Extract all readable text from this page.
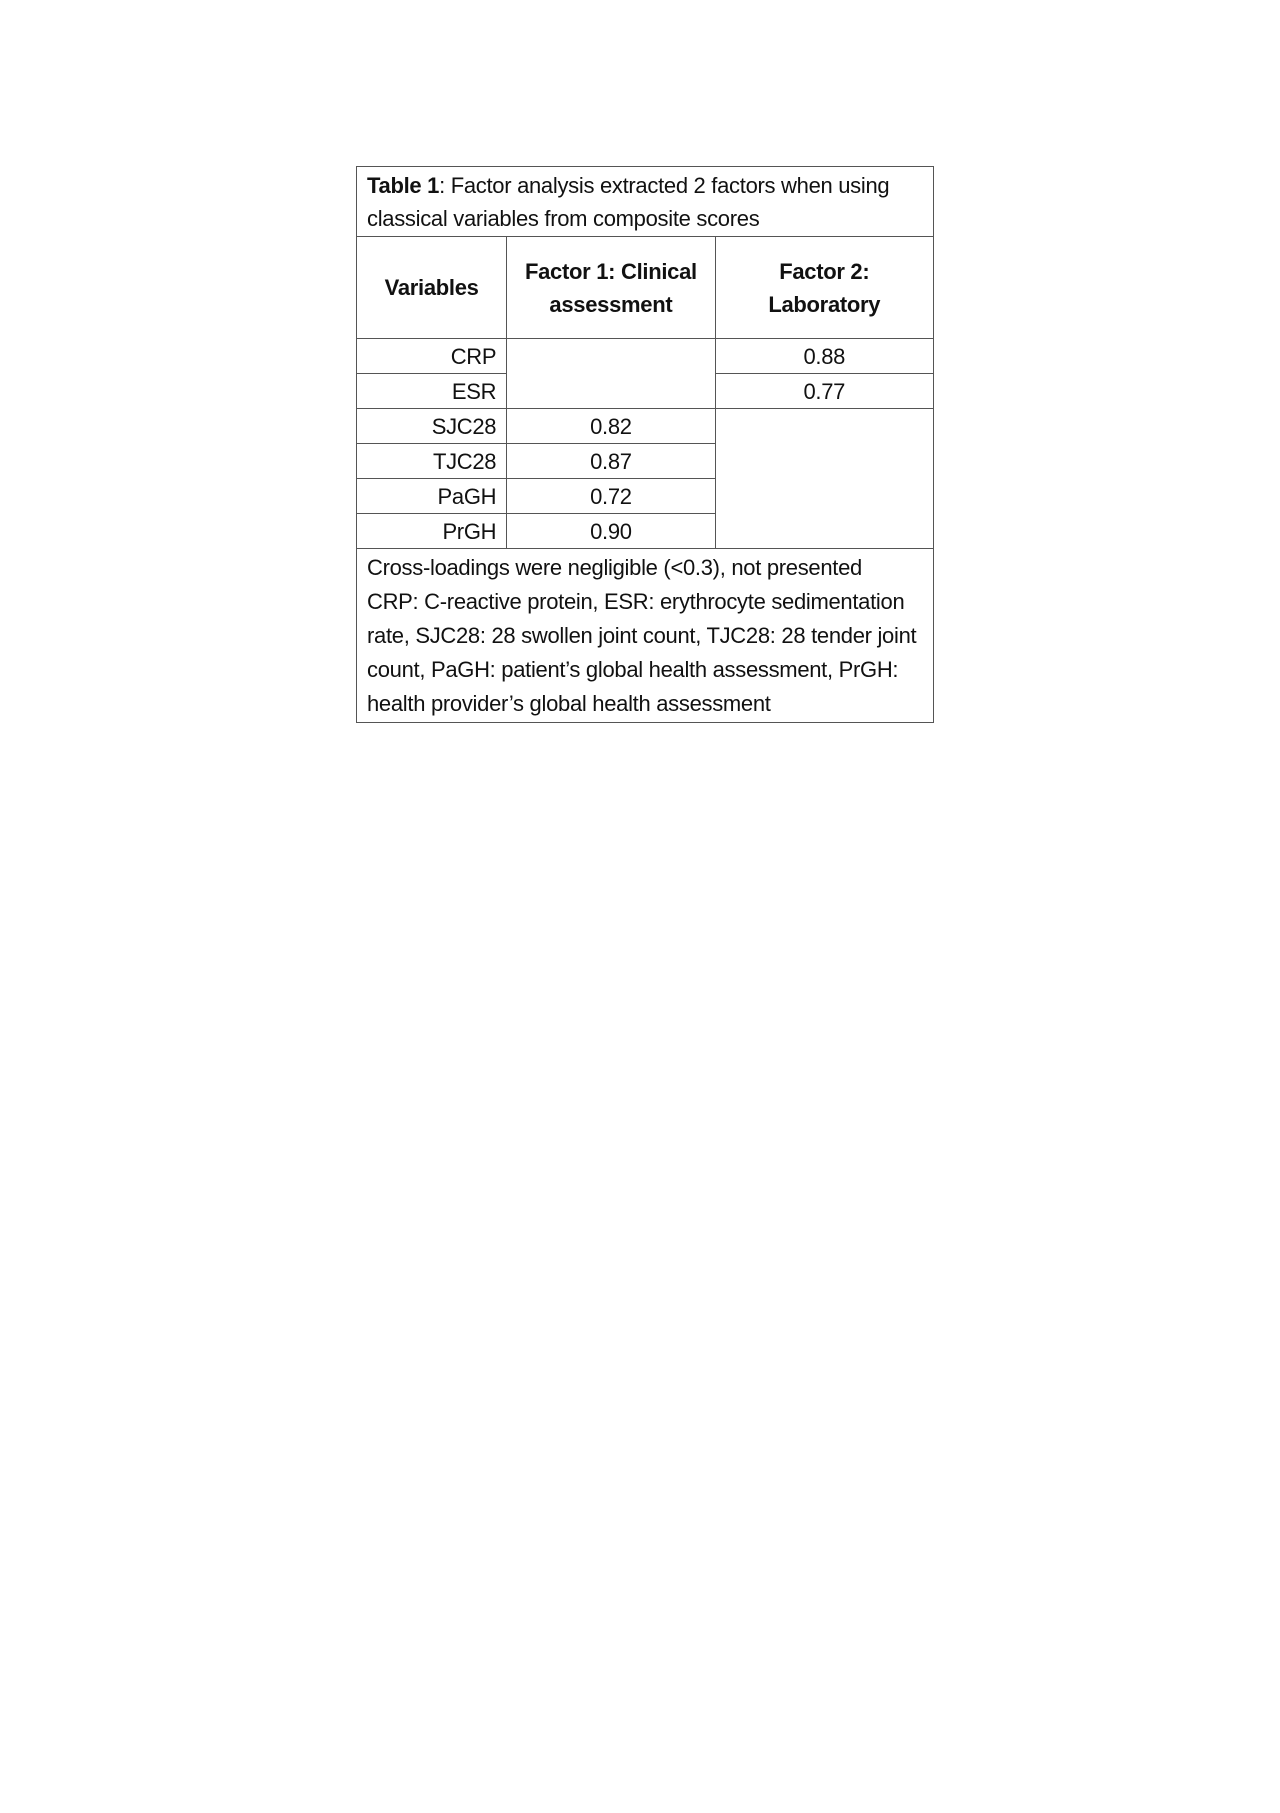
Table 1: Factor analysis extracted 2 factors when using classical variables from composite scores		
Variables	Factor 1: Clinical assessment	Factor 2: Laboratory
CRP		0.88
ESR		0.77
SJC28	0.82	
TJC28	0.87	
PaGH	0.72	
PrGH	0.90	

Cross-loadings were negligible (<0.3), not presented
CRP: C-reactive protein, ESR: erythrocyte sedimentation rate, SJC28: 28 swollen joint count, TJC28: 28 tender joint count, PaGH: patient’s global health assessment, PrGH: health provider’s global health assessment		
